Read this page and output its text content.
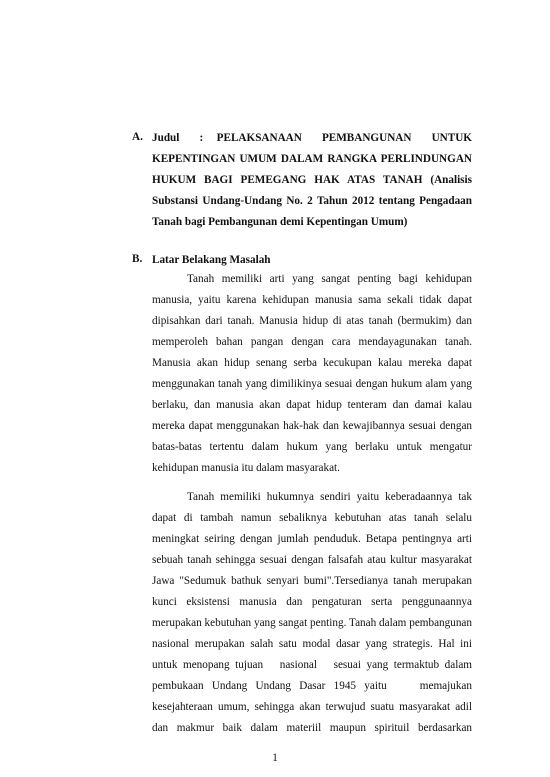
A. Judul      :    PELAKSANAAN      PEMBANGUNAN      UNTUK
KEPENTINGAN UMUM DALAM RANGKA PERLINDUNGAN
HUKUM BAGI PEMEGANG HAK ATAS TANAH (Analisis
Substansi Undang-Undang No. 2 Tahun 2012 tentang Pengadaan
Tanah bagi Pembangunan demi Kepentingan Umum)
B. Latar Belakang Masalah
Tanah memiliki arti yang sangat penting bagi kehidupan
manusia, yaitu karena kehidupan manusia sama sekali tidak dapat
dipisahkan dari tanah. Manusia hidup di atas tanah (bermukim) dan
memperoleh bahan pangan dengan cara mendayagunakan tanah.
Manusia akan hidup senang serba kecukupan kalau mereka dapat
menggunakan tanah yang dimilikinya sesuai dengan hukum alam yang
berlaku, dan manusia akan dapat hidup tenteram dan damai kalau
mereka dapat menggunakan hak-hak dan kewajibannya sesuai dengan
batas-batas tertentu dalam hukum yang berlaku untuk mengatur
kehidupan manusia itu dalam masyarakat.
Tanah memiliki hukumnya sendiri yaitu keberadaannya tak
dapat di tambah namun sebaliknya kebutuhan atas tanah selalu
meningkat seiring dengan jumlah penduduk. Betapa pentingnya arti
sebuah tanah sehingga sesuai dengan falsafah atau kultur masyarakat
Jawa "Sedumuk bathuk senyari bumi".Tersedianya tanah merupakan
kunci eksistensi manusia dan pengaturan serta penggunaannya
merupakan kebutuhan yang sangat penting. Tanah dalam pembangunan
nasional merupakan salah satu modal dasar yang strategis. Hal ini
untuk menopang tujuan   nasional   sesuai yang termaktub dalam
pembukaan Undang Undang Dasar 1945 yaitu    memajukan
kesejahteraan umum, sehingga akan terwujud suatu masyarakat adil
dan makmur baik dalam materiil maupun spirituil berdasarkan
1
